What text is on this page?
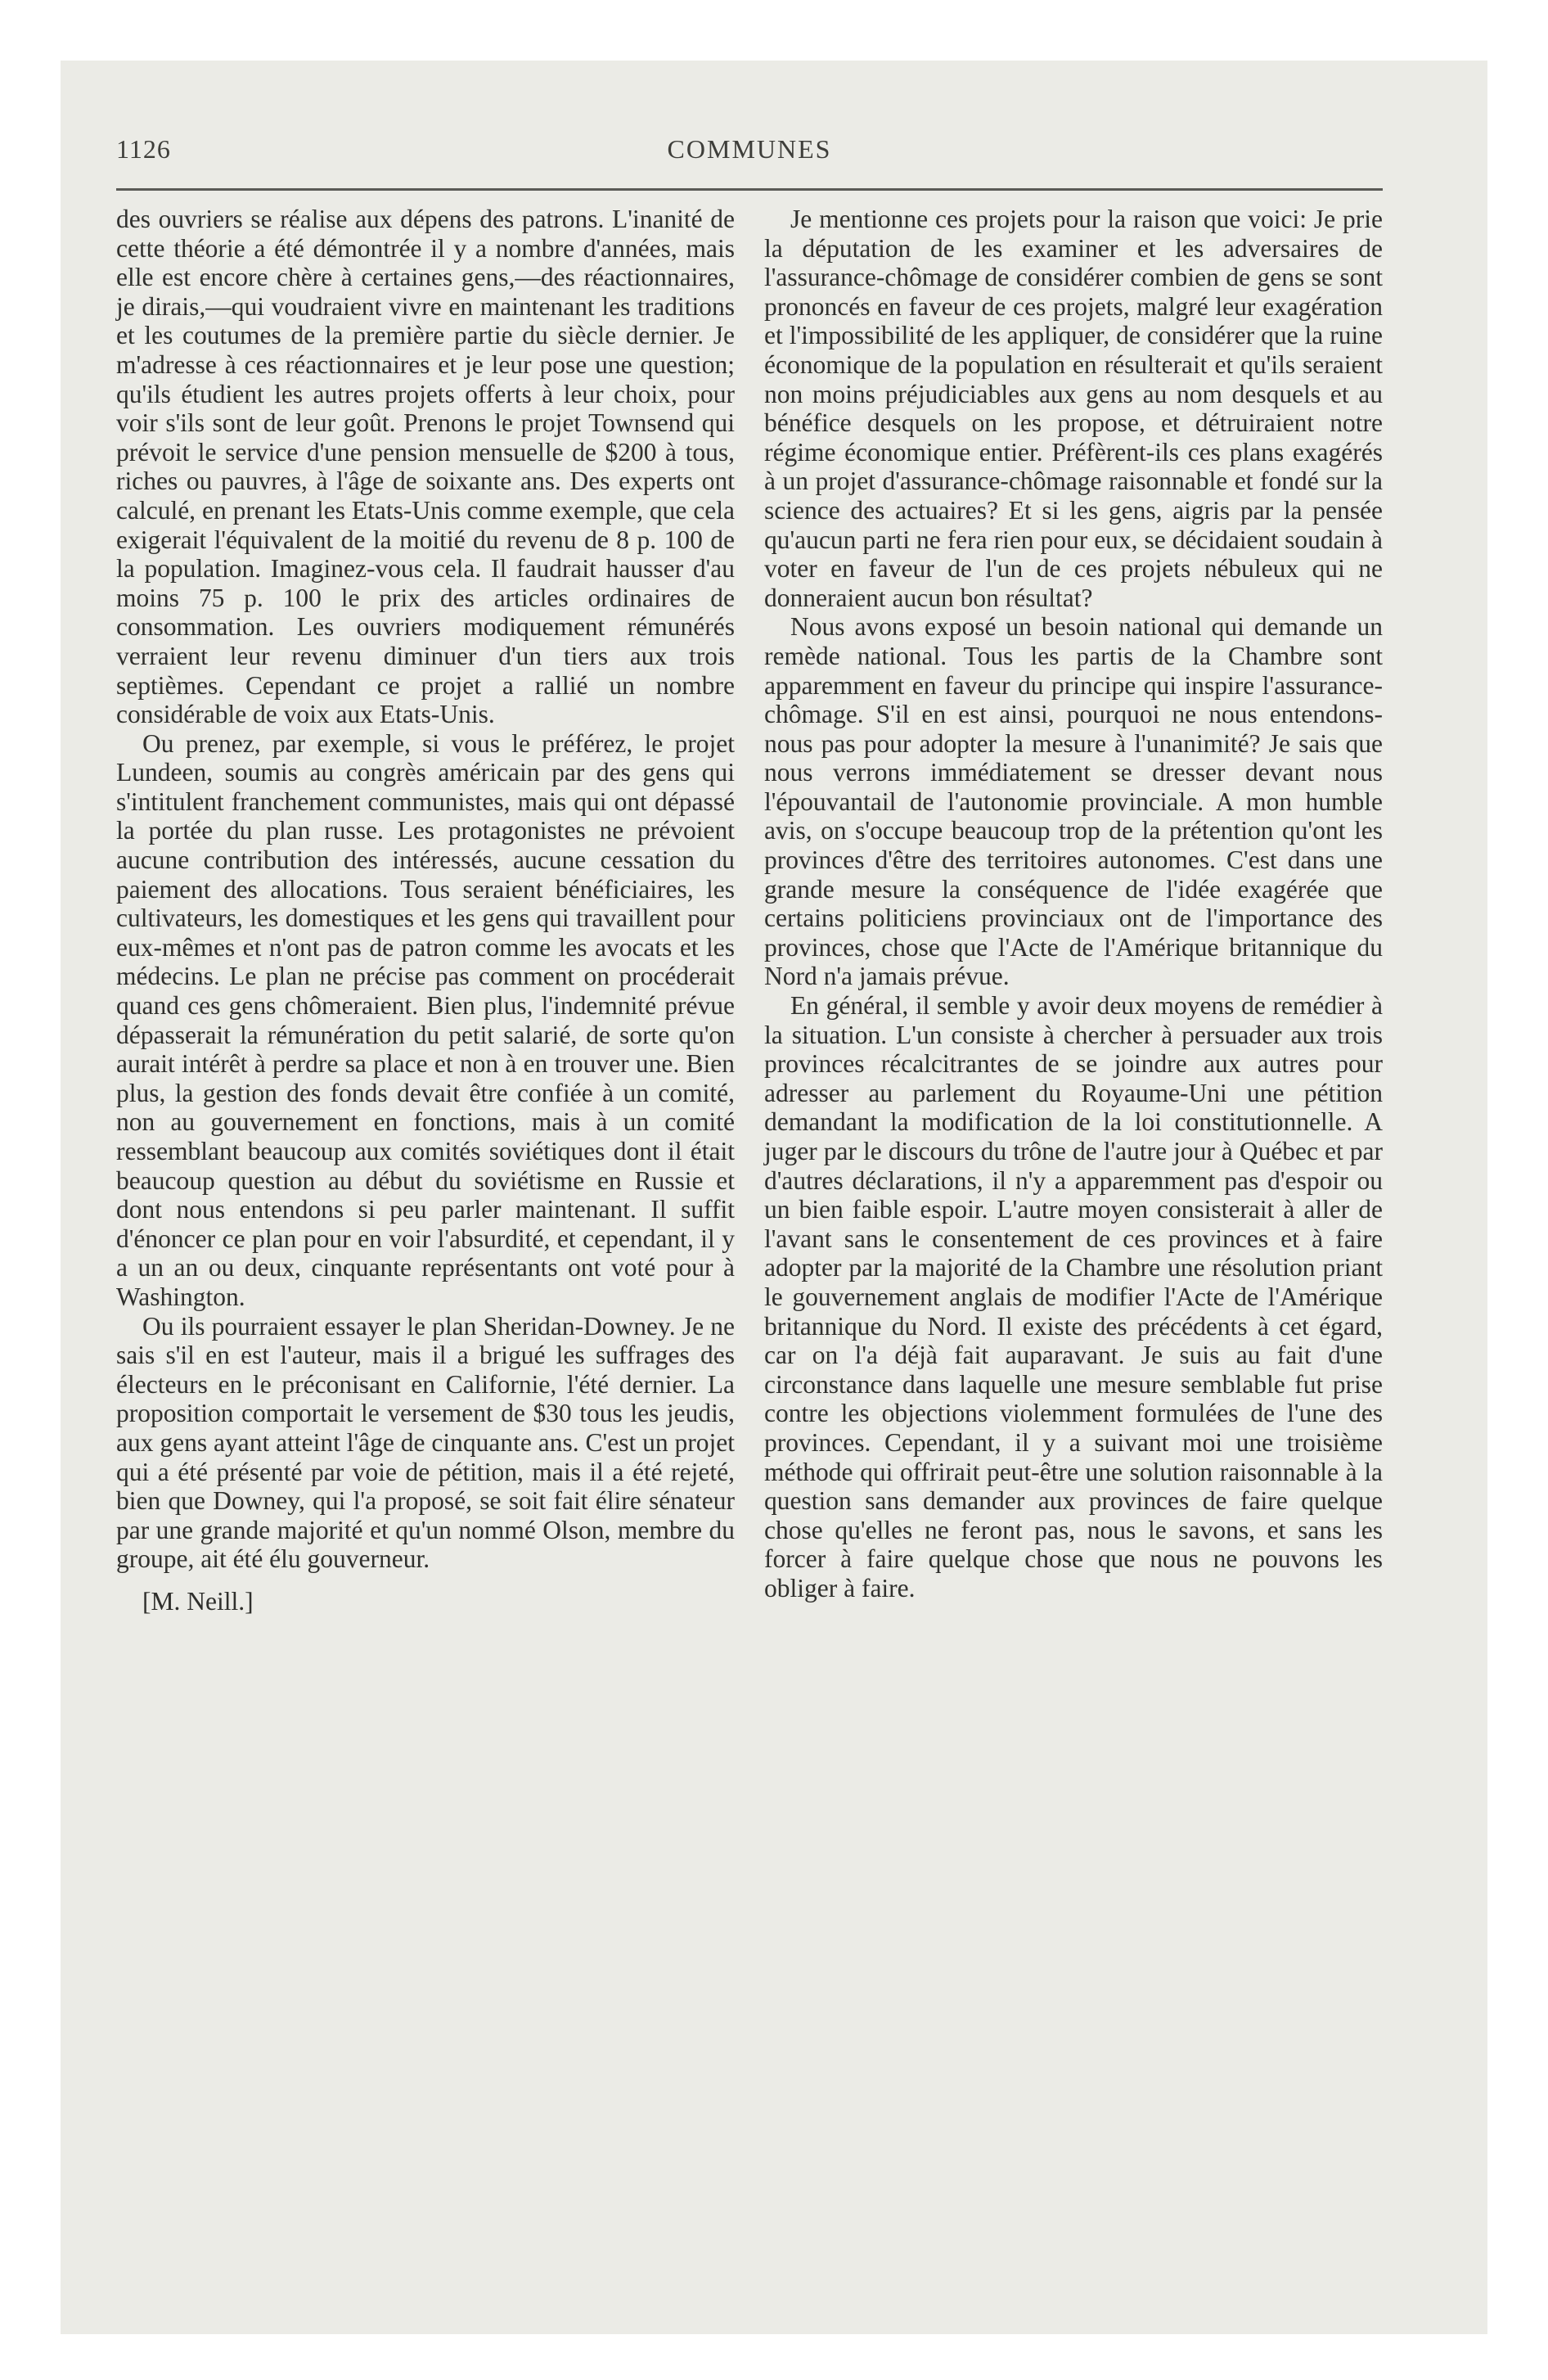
1126	COMMUNES

des ouvriers se réalise aux dépens des patrons. L'inanité de cette théorie a été démontrée il y a nombre d'années, mais elle est encore chère à certaines gens,—des réactionnaires, je dirais,—qui voudraient vivre en maintenant les traditions et les coutumes de la première partie du siècle dernier. Je m'adresse à ces réactionnaires et je leur pose une question; qu'ils étudient les autres projets offerts à leur choix, pour voir s'ils sont de leur goût. Prenons le projet Townsend qui prévoit le service d'une pension mensuelle de $200 à tous, riches ou pauvres, à l'âge de soixante ans. Des experts ont calculé, en prenant les Etats-Unis comme exemple, que cela exigerait l'équivalent de la moitié du revenu de 8 p. 100 de la population. Imaginez-vous cela. Il faudrait hausser d'au moins 75 p. 100 le prix des articles ordinaires de consommation. Les ouvriers modiquement rémunérés verraient leur revenu diminuer d'un tiers aux trois septièmes. Cependant ce projet a rallié un nombre considérable de voix aux Etats-Unis.

Ou prenez, par exemple, si vous le préférez, le projet Lundeen, soumis au congrès américain par des gens qui s'intitulent franchement communistes, mais qui ont dépassé la portée du plan russe. Les protagonistes ne prévoient aucune contribution des intéressés, aucune cessation du paiement des allocations. Tous seraient bénéficiaires, les cultivateurs, les domestiques et les gens qui travaillent pour eux-mêmes et n'ont pas de patron comme les avocats et les médecins. Le plan ne précise pas comment on procéderait quand ces gens chômeraient. Bien plus, l'indemnité prévue dépasserait la rémunération du petit salarié, de sorte qu'on aurait intérêt à perdre sa place et non à en trouver une. Bien plus, la gestion des fonds devait être confiée à un comité, non au gouvernement en fonctions, mais à un comité ressemblant beaucoup aux comités soviétiques dont il était beaucoup question au début du soviétisme en Russie et dont nous entendons si peu parler maintenant. Il suffit d'énoncer ce plan pour en voir l'absurdité, et cependant, il y a un an ou deux, cinquante représentants ont voté pour à Washington.

Ou ils pourraient essayer le plan Sheridan-Downey. Je ne sais s'il en est l'auteur, mais il a brigué les suffrages des électeurs en le préconisant en Californie, l'été dernier. La proposition comportait le versement de $30 tous les jeudis, aux gens ayant atteint l'âge de cinquante ans. C'est un projet qui a été présenté par voie de pétition, mais il a été rejeté, bien que Downey, qui l'a proposé, se soit fait élire sénateur par une grande majorité et qu'un nommé Olson, membre du groupe, ait été élu gouverneur.

[M. Neill.]

Je mentionne ces projets pour la raison que voici: Je prie la députation de les examiner et les adversaires de l'assurance-chômage de considérer combien de gens se sont prononcés en faveur de ces projets, malgré leur exagération et l'impossibilité de les appliquer, de considérer que la ruine économique de la population en résulterait et qu'ils seraient non moins préjudiciables aux gens au nom desquels et au bénéfice desquels on les propose, et détruiraient notre régime économique entier. Préfèrent-ils ces plans exagérés à un projet d'assurance-chômage raisonnable et fondé sur la science des actuaires? Et si les gens, aigris par la pensée qu'aucun parti ne fera rien pour eux, se décidaient soudain à voter en faveur de l'un de ces projets nébuleux qui ne donneraient aucun bon résultat?

Nous avons exposé un besoin national qui demande un remède national. Tous les partis de la Chambre sont apparemment en faveur du principe qui inspire l'assurance-chômage. S'il en est ainsi, pourquoi ne nous entendons-nous pas pour adopter la mesure à l'unanimité? Je sais que nous verrons immédiatement se dresser devant nous l'épouvantail de l'autonomie provinciale. A mon humble avis, on s'occupe beaucoup trop de la prétention qu'ont les provinces d'être des territoires autonomes. C'est dans une grande mesure la conséquence de l'idée exagérée que certains politiciens provinciaux ont de l'importance des provinces, chose que l'Acte de l'Amérique britannique du Nord n'a jamais prévue.

En général, il semble y avoir deux moyens de remédier à la situation. L'un consiste à chercher à persuader aux trois provinces récalcitrantes de se joindre aux autres pour adresser au parlement du Royaume-Uni une pétition demandant la modification de la loi constitutionnelle. A juger par le discours du trône de l'autre jour à Québec et par d'autres déclarations, il n'y a apparemment pas d'espoir ou un bien faible espoir. L'autre moyen consisterait à aller de l'avant sans le consentement de ces provinces et à faire adopter par la majorité de la Chambre une résolution priant le gouvernement anglais de modifier l'Acte de l'Amérique britannique du Nord. Il existe des précédents à cet égard, car on l'a déjà fait auparavant. Je suis au fait d'une circonstance dans laquelle une mesure semblable fut prise contre les objections violemment formulées de l'une des provinces. Cependant, il y a suivant moi une troisième méthode qui offrirait peut-être une solution raisonnable à la question sans demander aux provinces de faire quelque chose qu'elles ne feront pas, nous le savons, et sans les forcer à faire quelque chose que nous ne pouvons les obliger à faire.
